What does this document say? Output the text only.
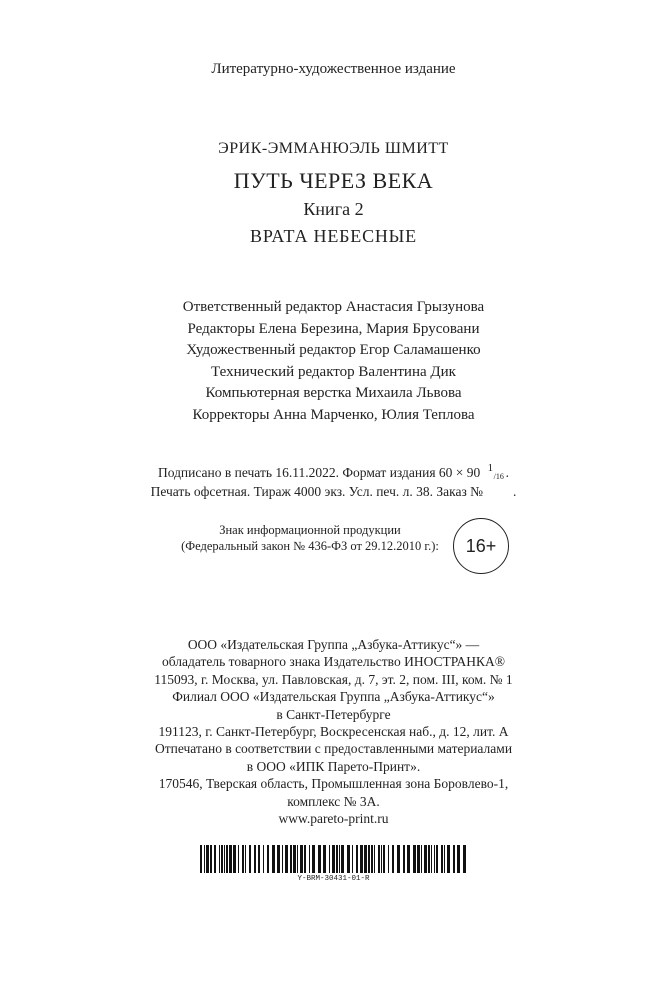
Литературно-художественное издание
ЭРИК-ЭММАНЮЭЛЬ ШМИТТ
ПУТЬ ЧЕРЕЗ ВЕКА
Книга 2
ВРАТА НЕБЕСНЫЕ
Ответственный редактор Анастасия Грызунова
Редакторы Елена Березина, Мария Брусовани
Художественный редактор Егор Саламашенко
Технический редактор Валентина Дик
Компьютерная верстка Михаила Львова
Корректоры Анна Марченко, Юлия Теплова
Подписано в печать 16.11.2022. Формат издания 60 × 90 1
/16 .
Печать офсетная. Тираж 4000 экз. Усл. печ. л. 38. Заказ № .
Знак информационной продукции
(Федеральный закон № 436-ФЗ от 29.12.2010 г.):	16+
ООО «Издательская Группа „Азбука-Аттикус“» —
обладатель товарного знака Издательство ИНОСТРАНКА®
115093, г. Москва, ул. Павловская, д. 7, эт. 2, пом. III, ком. № 1
Филиал ООО «Издательская Группа „Азбука-Аттикус“»
в Санкт-Петербурге
191123, г. Санкт-Петербург, Воскресенская наб., д. 12, лит. А
Отпечатано в соответствии с предоставленными материалами
в ООО «ИПК Парето-Принт».
170546, Тверская область, Промышленная зона Боровлево-1,
комплекс № 3А.
www.pareto-print.ru
Y-BRM-30431-01-R
